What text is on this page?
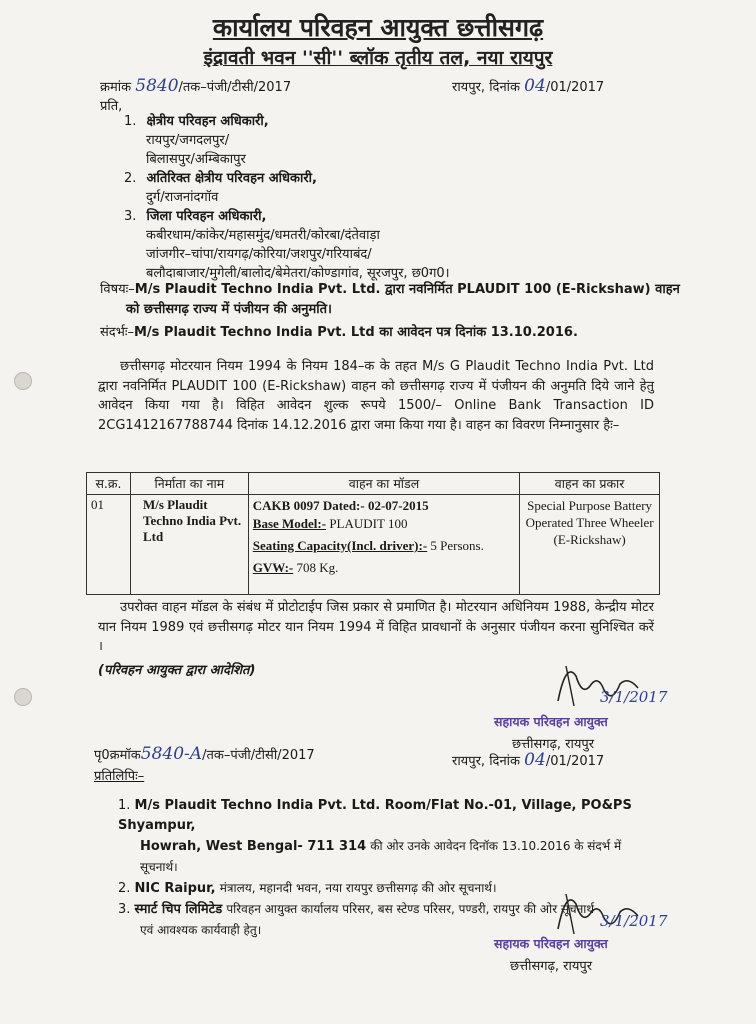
कार्यालय परिवहन आयुक्त छत्तीसगढ़
इंद्रावती भवन ''सी'' ब्लॉक तृतीय तल, नया रायपुर
क्रमांक 5840/तक–पंजी/टीसी/2017	रायपुर, दिनांक 04/01/2017
प्रति,
1. क्षेत्रीय परिवहन अधिकारी,
रायपुर/जगदलपुर/
बिलासपुर/अम्बिकापुर
2. अतिरिक्त क्षेत्रीय परिवहन अधिकारी,
दुर्ग/राजनांदगॉव
3. जिला परिवहन अधिकारी,
कबीरधाम/कांकेर/महासमुंद/धमतरी/कोरबा/दंतेवाड़ा
जांजगीर–चांपा/रायगढ़/कोरिया/जशपुर/गरियाबंद/
बलौदाबाजार/मुगेली/बालोद/बेमेतरा/कोण्डागांव, सूरजपुर, छ0ग0।
विषयः–M/s Plaudit Techno India Pvt. Ltd. द्वारा नवनिर्मित PLAUDIT 100 (E-Rickshaw) वाहन
को छत्तीसगढ़ राज्य में पंजीयन की अनुमति।
संदर्भः–M/s Plaudit Techno India Pvt. Ltd का आवेदन पत्र दिनांक 13.10.2016.
छत्तीसगढ़ मोटरयान नियम 1994 के नियम 184–क के तहत M/s G Plaudit Techno India Pvt. Ltd द्वारा नवनिर्मित PLAUDIT 100 (E-Rickshaw) वाहन को छत्तीसगढ़ राज्य में पंजीयन की अनुमति दिये जाने हेतु आवेदन किया गया है। विहित आवेदन शुल्क रूपये 1500/– Online Bank Transaction ID 2CG1412167788744 दिनांक 14.12.2016 द्वारा जमा किया गया है। वाहन का विवरण निम्नानुसार हैः–
स.क्र.	निर्माता का नाम	वाहन का मॉडल	वाहन का प्रकार
01	M/s Plaudit Techno India Pvt. Ltd	CAKB 0097 Dated:- 02-07-2015
Base Model:- PLAUDIT 100
Seating Capacity(Incl. driver):- 5 Persons.
GVW:- 708 Kg.	Special Purpose Battery Operated Three Wheeler (E-Rickshaw)
उपरोक्त वाहन मॉडल के संबंध में प्रोटोटाईप जिस प्रकार से प्रमाणित है। मोटरयान अधिनियम 1988, केन्द्रीय मोटर यान नियम 1989 एवं छत्तीसगढ़ मोटर यान नियम 1994 में विहित प्रावधानों के अनुसार पंजीयन करना सुनिश्चित करें ।
(परिवहन आयुक्त द्वारा आदेशित)
3/1/2017
सहायक परिवहन आयुक्त
छत्तीसगढ़, रायपुर
पृ0क्रमॉक5840-A/तक–पंजी/टीसी/2017	रायपुर, दिनांक 04/01/2017
प्रतिलिपिः–
1. M/s Plaudit Techno India Pvt. Ltd. Room/Flat No.-01, Village, PO&PS Shyampur,
Howrah, West Bengal- 711 314 की ओर उनके आवेदन दिनॉक 13.10.2016 के संदर्भ में सूचनार्थ।
2. NIC Raipur, मंत्रालय, महानदी भवन, नया रायपुर छत्तीसगढ़ की ओर सूचनार्थ।
3. स्मार्ट चिप लिमिटेड परिवहन आयुक्त कार्यालय परिसर, बस स्टेण्ड परिसर, पण्डरी, रायपुर की ओर सूचनार्थ
एवं आवश्यक कार्यवाही हेतु।	3/1/2017
सहायक परिवहन आयुक्त
छत्तीसगढ़, रायपुर
